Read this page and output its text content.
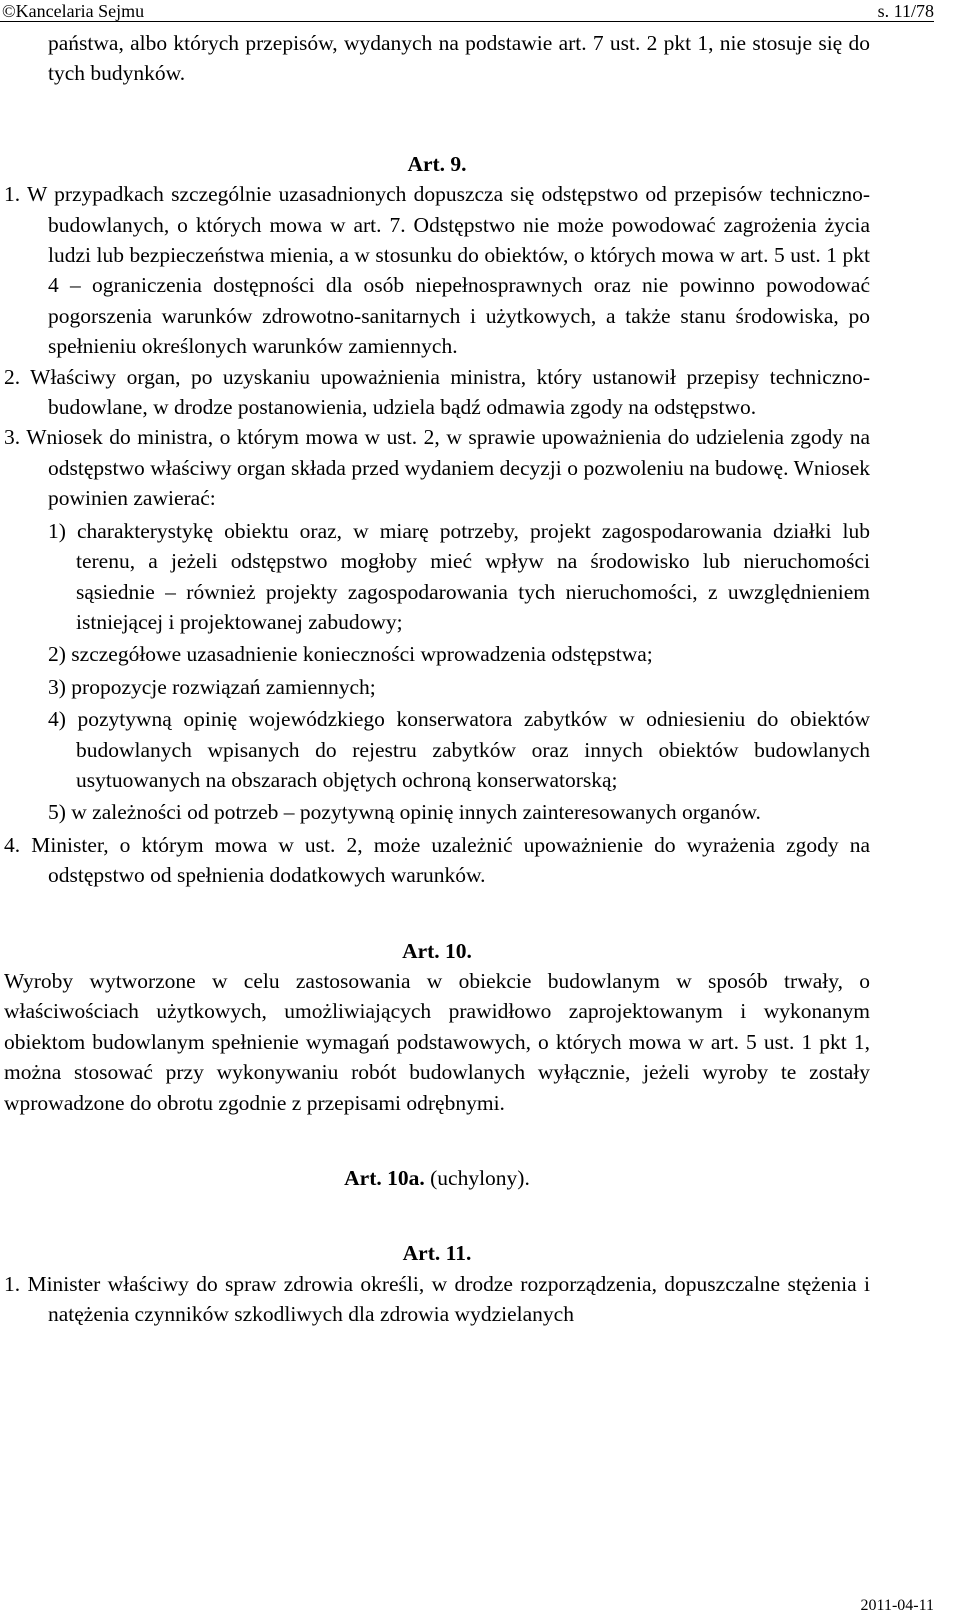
©Kancelaria Sejmu	s. 11/78

państwa, albo których przepisów, wydanych na podstawie art. 7 ust. 2 pkt 1, nie stosuje się do tych budynków.

Art. 9.

1. W przypadkach szczególnie uzasadnionych dopuszcza się odstępstwo od przepisów techniczno-budowlanych, o których mowa w art. 7. Odstępstwo nie może powodować zagrożenia życia ludzi lub bezpieczeństwa mienia, a w stosunku do obiektów, o których mowa w art. 5 ust. 1 pkt 4 – ograniczenia dostępności dla osób niepełnosprawnych oraz nie powinno powodować pogorszenia warunków zdrowotno-sanitarnych i użytkowych, a także stanu środowiska, po spełnieniu określonych warunków zamiennych.

2. Właściwy organ, po uzyskaniu upoważnienia ministra, który ustanowił przepisy techniczno-budowlane, w drodze postanowienia, udziela bądź odmawia zgody na odstępstwo.

3. Wniosek do ministra, o którym mowa w ust. 2, w sprawie upoważnienia do udzielenia zgody na odstępstwo właściwy organ składa przed wydaniem decyzji o pozwoleniu na budowę. Wniosek powinien zawierać:

1) charakterystykę obiektu oraz, w miarę potrzeby, projekt zagospodarowania działki lub terenu, a jeżeli odstępstwo mogłoby mieć wpływ na środowisko lub nieruchomości sąsiednie – również projekty zagospodarowania tych nieruchomości, z uwzględnieniem istniejącej i projektowanej zabudowy;

2) szczegółowe uzasadnienie konieczności wprowadzenia odstępstwa;

3) propozycje rozwiązań zamiennych;

4) pozytywną opinię wojewódzkiego konserwatora zabytków w odniesieniu do obiektów budowlanych wpisanych do rejestru zabytków oraz innych obiektów budowlanych usytuowanych na obszarach objętych ochroną konserwatorską;

5) w zależności od potrzeb – pozytywną opinię innych zainteresowanych organów.

4. Minister, o którym mowa w ust. 2, może uzależnić upoważnienie do wyrażenia zgody na odstępstwo od spełnienia dodatkowych warunków.

Art. 10.

Wyroby wytworzone w celu zastosowania w obiekcie budowlanym w sposób trwały, o właściwościach użytkowych, umożliwiających prawidłowo zaprojektowanym i wykonanym obiektom budowlanym spełnienie wymagań podstawowych, o których mowa w art. 5 ust. 1 pkt 1, można stosować przy wykonywaniu robót budowlanych wyłącznie, jeżeli wyroby te zostały wprowadzone do obrotu zgodnie z przepisami odrębnymi.

Art. 10a. (uchylony).

Art. 11.

1. Minister właściwy do spraw zdrowia określi, w drodze rozporządzenia, dopuszczalne stężenia i natężenia czynników szkodliwych dla zdrowia wydzielanych

2011-04-11
